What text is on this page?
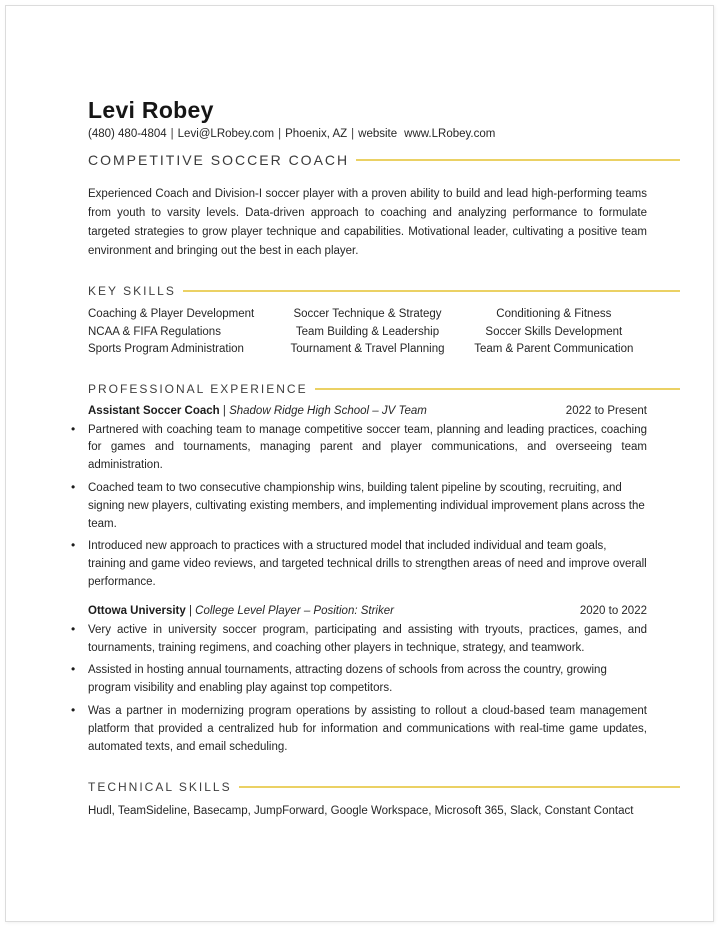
Levi Robey
(480) 480-4804 | Levi@LRobey.com | Phoenix, AZ | website www.LRobey.com
COMPETITIVE SOCCER COACH

Experienced Coach and Division-I soccer player with a proven ability to build and lead high-performing teams from youth to varsity levels. Data-driven approach to coaching and analyzing performance to formulate targeted strategies to grow player technique and capabilities. Motivational leader, cultivating a positive team environment and bringing out the best in each player.

KEY SKILLS
Coaching & Player Development	Soccer Technique & Strategy	Conditioning & Fitness
NCAA & FIFA Regulations	Team Building & Leadership	Soccer Skills Development
Sports Program Administration	Tournament & Travel Planning	Team & Parent Communication
PROFESSIONAL EXPERIENCE
Assistant Soccer Coach | Shadow Ridge High School – JV Team	2022 to Present
• Partnered with coaching team to manage competitive soccer team, planning and leading practices, coaching for games and tournaments, managing parent and player communications, and overseeing team administration.
• Coached team to two consecutive championship wins, building talent pipeline by scouting, recruiting, and signing new players, cultivating existing members, and implementing individual improvement plans across the team.
• Introduced new approach to practices with a structured model that included individual and team goals, training and game video reviews, and targeted technical drills to strengthen areas of need and improve overall performance.
Ottowa University | College Level Player – Position: Striker	2020 to 2022
• Very active in university soccer program, participating and assisting with tryouts, practices, games, and tournaments, training regimens, and coaching other players in technique, strategy, and teamwork.
• Assisted in hosting annual tournaments, attracting dozens of schools from across the country, growing program visibility and enabling play against top competitors.
• Was a partner in modernizing program operations by assisting to rollout a cloud-based team management platform that provided a centralized hub for information and communications with real-time game updates, automated texts, and email scheduling.
TECHNICAL SKILLS

Hudl, TeamSideline, Basecamp, JumpForward, Google Workspace, Microsoft 365, Slack, Constant Contact
